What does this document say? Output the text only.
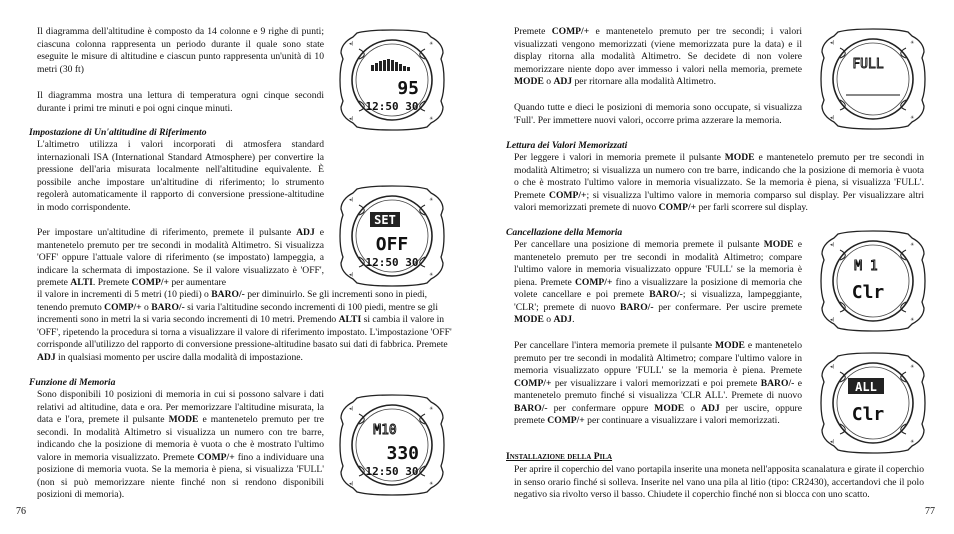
Il diagramma dell'altitudine è composto da 14 colonne e 9 righe di punti; ciascuna colonna rappresenta un periodo durante il quale sono state eseguite le misure di altitudine e ciascun punto rappresenta un'unità di 10 metri (30 ft)
Il diagramma mostra una lettura di temperatura ogni cinque secondi durante i primi tre minuti e poi ogni cinque minuti.

Impostazione di Un'altitudine di Riferimento

L'altimetro utilizza i valori incorporati di atmosfera standard internazionali ISA (International Standard Atmosphere) per convertire la pressione dell'aria misurata localmente nell'altitudine equivalente. È possibile anche impostare un'altitudine di riferimento; lo strumento regolerà automaticamente il rapporto di conversione pressione-altitudine in modo corrispondente.
Per impostare un'altitudine di riferimento, premete il pulsante ADJ e mantenetelo premuto per tre secondi in modalità Altimetro. Si visualizza 'OFF' oppure l'attuale valore di riferimento (se impostato) lampeggia, a indicare la schermata di impostazione. Se il valore visualizzato è 'OFF', premete ALTI. Premete COMP/+ per aumentare
il valore in incrementi di 5 metri (10 piedi) o BARO/- per diminuirlo. Se gli incrementi sono in piedi, tenendo premuto COMP/+ o BARO/- si varia l'altitudine secondo incrementi di 100 piedi, mentre se gli incrementi sono in metri la si varia secondo incrementi di 10 metri. Premendo ALTI si cambia il valore in 'OFF', ripetendo la procedura si torna a visualizzare il valore di riferimento impostato. L'impostazione 'OFF' corrisponde all'utilizzo del rapporto di conversione pressione-altitudine basato sui dati di fabbrica. Premete ADJ in qualsiasi momento per uscire dalla modalità di impostazione.

Funzione di Memoria

Sono disponibili 10 posizioni di memoria in cui si possono salvare i dati relativi ad altitudine, data e ora. Per memorizzare l'altitudine misurata, la data e l'ora, premete il pulsante MODE e mantenetelo premuto per tre secondi. In modalità Altimetro si visualizza un numero con tre barre, indicando che la posizione di memoria è vuota o che è mostrato l'ultimo valore in memoria visualizzato. Premete COMP/+ fino a individuare una posizione di memoria vuota. Se la memoria è piena, si visualizza 'FULL' (non si può memorizzare niente finché non si rendono disponibili posizioni di memoria).
76
Premete COMP/+ e mantenetelo premuto per tre secondi; i valori visualizzati vengono memorizzati (viene memorizzata pure la data) e il display ritorna alla modalità Altimetro. Se decidete di non volere memorizzare niente dopo aver immesso i valori nella memoria, premete MODE o ADJ per ritornare alla modalità Altimetro.
Quando tutte e dieci le posizioni di memoria sono occupate, si visualizza 'Full'. Per immettere nuovi valori, occorre prima azzerare la memoria.

Lettura dei Valori Memorizzati

Per leggere i valori in memoria premete il pulsante MODE e mantenetelo premuto per tre secondi in modalità Altimetro; si visualizza un numero con tre barre, indicando che la posizione di memoria è vuota o che è mostrato l'ultimo valore in memoria visualizzato. Se la memoria è piena, si visualizza 'FULL'. Premete COMP/+; si visualizza l'ultimo valore in memoria comparso sul display. Per visualizzare altri valori memorizzati premete di nuovo COMP/+ per farli scorrere sul display.

Cancellazione della Memoria

Per cancellare una posizione di memoria premete il pulsante MODE e mantenetelo premuto per tre secondi in modalità Altimetro; compare l'ultimo valore in memoria visualizzato oppure 'FULL' se la memoria è piena. Premete COMP/+ fino a visualizzare la posizione di memoria che volete cancellare e poi premete BARO/-; si visualizza, lampeggiante, 'CLR'; premete di nuovo BARO/- per confermare. Per uscire premete MODE o ADJ.
Per cancellare l'intera memoria premete il pulsante MODE e mantenetelo premuto per tre secondi in modalità Altimetro; compare l'ultimo valore in memoria visualizzato oppure 'FULL' se la memoria è piena. Premete COMP/+ per visualizzare i valori memorizzati e poi premete BARO/- e mantenetelo premuto finché si visualizza 'CLR ALL'. Premete di nuovo BARO/- per confermare oppure MODE o ADJ per uscire, oppure premete COMP/+ per continuare a visualizzare i valori memorizzati.

Installazione della Pila

Per aprire il coperchio del vano portapila inserite una moneta nell'apposita scanalatura e girate il coperchio in senso orario finché si solleva. Inserite nel vano una pila al litio (tipo: CR2430), accertandovi che il polo negativo sia rivolto verso il basso. Chiudete il coperchio finché non si blocca con uno scatto.
77
95
12:50 30
SET
OFF
12:50 30
M10
330
12:50 30
FULL
M 1
Clr
ALL
Clr
